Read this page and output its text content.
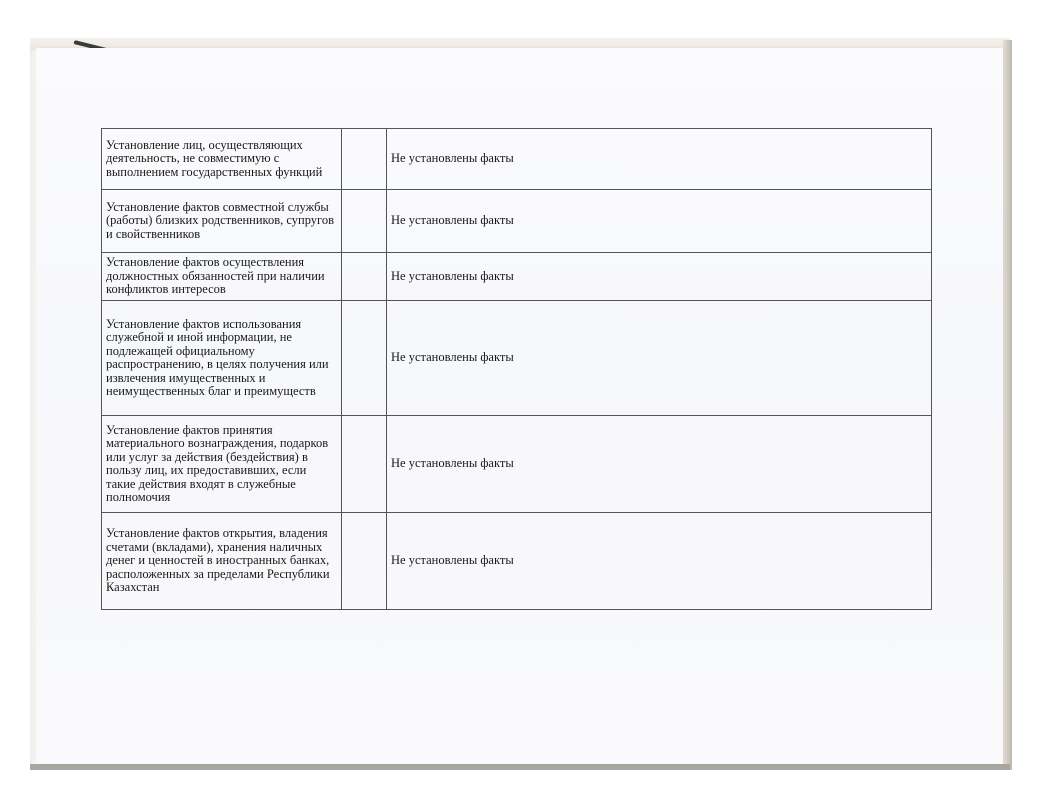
Установление лиц, осуществляющих деятельность, не совместимую с выполнением государственных функций		Не установлены факты
Установление фактов совместной службы (работы) близких родственников, супругов и свойственников		Не установлены факты
Установление фактов осуществления должностных обязанностей при наличии конфликтов интересов		Не установлены факты
Установление фактов использования служебной и иной информации, не подлежащей официальному распространению, в целях получения или извлечения имущественных и неимущественных благ и преимуществ		Не установлены факты
Установление фактов принятия материального вознаграждения, подарков или услуг за действия (бездействия) в пользу лиц, их предоставивших, если такие действия входят в служебные полномочия		Не установлены факты
Установление фактов открытия, владения счетами (вкладами), хранения наличных денег и ценностей в иностранных банках, расположенных за пределами Республики Казахстан		Не установлены факты
